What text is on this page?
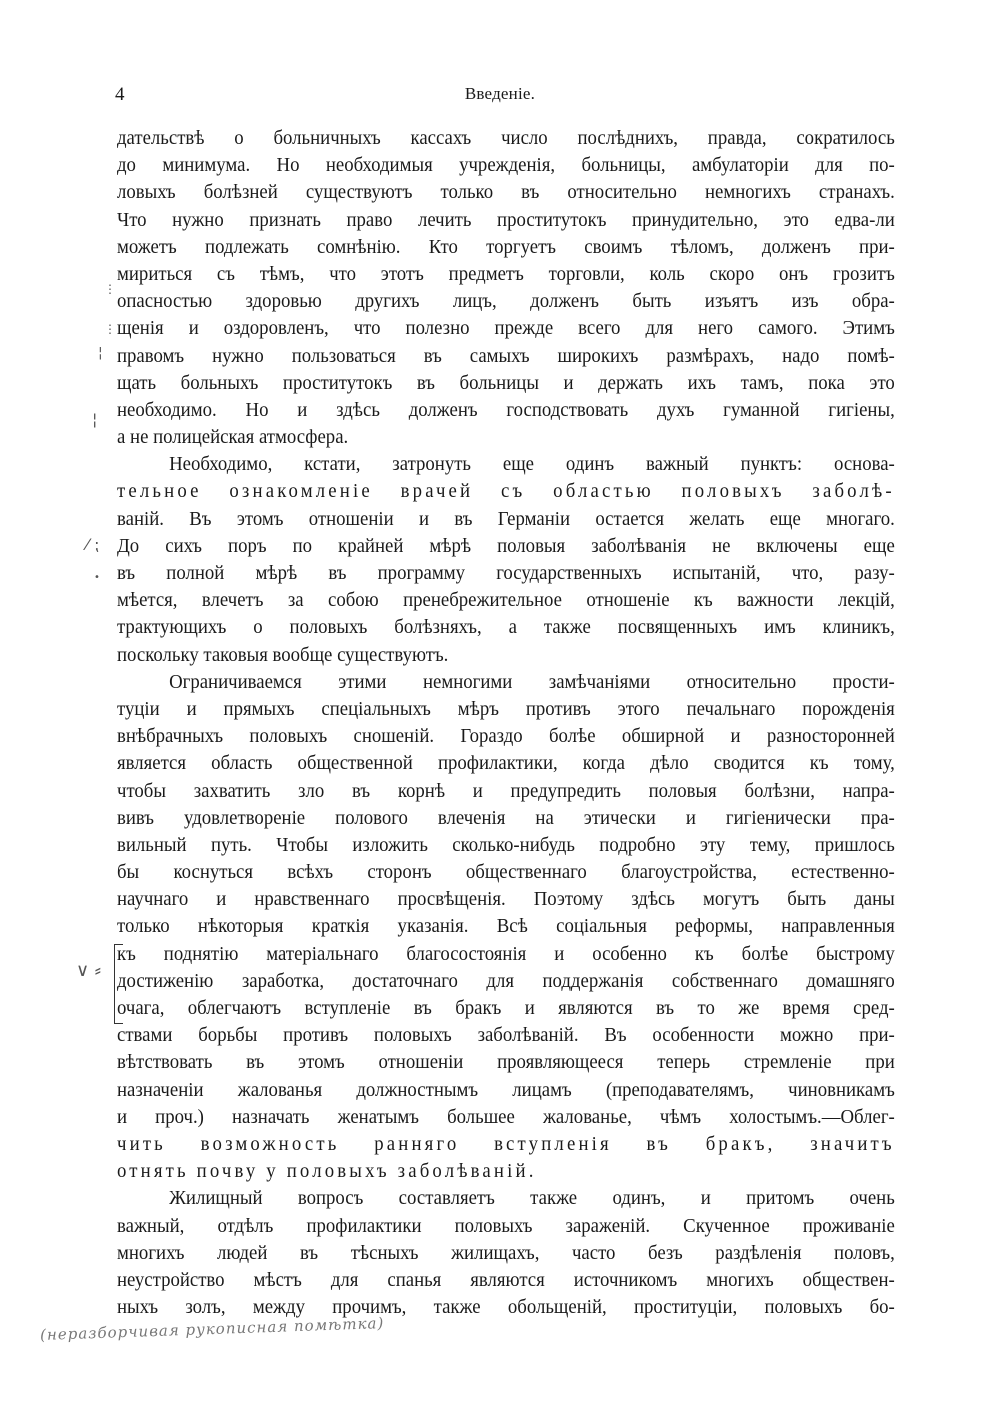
4	Введеніе.
дательствѣ о больничныхъ кассахъ число послѣднихъ, правда, сократилось
до минимума. Но необходимыя учрежденія, больницы, амбулаторіи для по-
ловыхъ болѣзней существуютъ только въ относительно немногихъ странахъ.
Что нужно признать право лечить проститутокъ принудительно, это едва-ли
можетъ подлежать сомнѣнію. Кто торгуетъ своимъ тѣломъ, долженъ при-
мириться съ тѣмъ, что этотъ предметъ торговли, коль скоро онъ грозитъ
опасностью здоровью другихъ лицъ, долженъ быть изъятъ изъ обра-
щенія и оздоровленъ, что полезно прежде всего для него самого. Этимъ
правомъ нужно пользоваться въ самыхъ широкихъ размѣрахъ, надо помѣ-
щать больныхъ проститутокъ въ больницы и держать ихъ тамъ, пока это
необходимо. Но и здѣсь долженъ господствовать духъ гуманной гигіены,
а не полицейская атмосфера.
Необходимо, кстати, затронуть еще одинъ важный пунктъ: основа-
тельное ознакомленіе врачей съ областью половыхъ заболѣ-
ваній. Въ этомъ отношеніи и въ Германіи остается желать еще многаго.
До сихъ поръ по крайней мѣрѣ половыя заболѣванія не включены еще
въ полной мѣрѣ въ программу государственныхъ испытаній, что, разу-
мѣется, влечетъ за собою пренебрежительное отношеніе къ важности лекцій,
трактующихъ о половыхъ болѣзняхъ, а также посвященныхъ имъ клиникъ,
поскольку таковыя вообще существуютъ.
Ограничиваемся этими немногими замѣчаніями относительно прости-
туціи и прямыхъ спеціальныхъ мѣръ противъ этого печальнаго порожденія
внѣбрачныхъ половыхъ сношеній. Гораздо болѣе обширной и разносторонней
является область общественной профилактики, когда дѣло сводится къ тому,
чтобы захватить зло въ корнѣ и предупредить половыя болѣзни, напра-
вивъ удовлетвореніе полового влеченія на этически и гигіенически пра-
вильный путь. Чтобы изложить сколько-нибудь подробно эту тему, пришлось
бы коснуться всѣхъ сторонъ общественнаго благоустройства, естественно-
научнаго и нравственнаго просвѣщенія. Поэтому здѣсь могутъ быть даны
только нѣкоторыя краткія указанія. Всѣ соціальныя реформы, направленныя
къ поднятію матеріальнаго благосостоянія и особенно къ болѣе быстрому
достиженію заработка, достаточнаго для поддержанія собственнаго домашняго
очага, облегчаютъ вступленіе въ бракъ и являются въ то же время сред-
ствами борьбы противъ половыхъ заболѣваній. Въ особенности можно при-
вѣтствовать въ этомъ отношеніи проявляющееся теперь стремленіе при
назначеніи жалованья должностнымъ лицамъ (преподавателямъ, чиновникамъ
и проч.) назначать женатымъ большее жалованье, чѣмъ холостымъ.—Облег-
чить возможность ранняго вступленія въ бракъ, значитъ
отнять почву у половыхъ заболѣваній.
Жилищный вопросъ составляетъ также одинъ, и притомъ очень
важный, отдѣлъ профилактики половыхъ зараженій. Скученное проживаніе
многихъ людей въ тѣсныхъ жилищахъ, часто безъ раздѣленія половъ,
неустройство мѣстъ для спанья являются источникомъ многихъ обществен-
ныхъ золъ, между прочимъ, также обольщеній, проституціи, половыхъ бо-
⋮
⋮
¦
¦
⁄ ⁏
•
∨ ⸗
(неразборчивая рукописная помѣтка)
